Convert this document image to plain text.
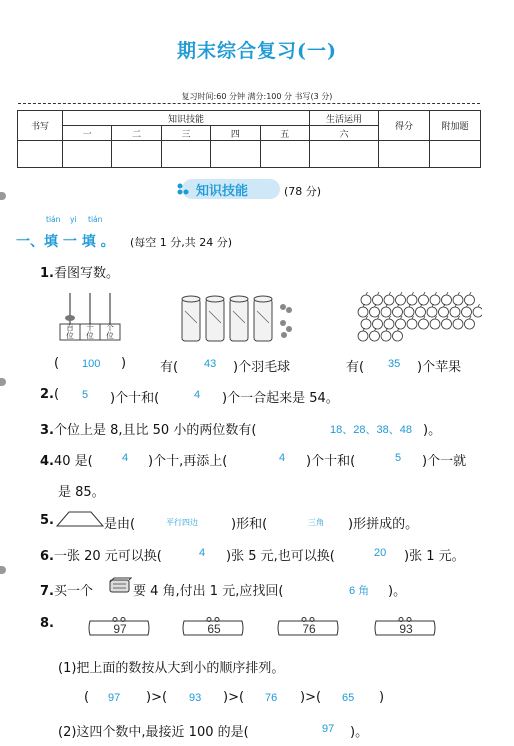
期末综合复习(一)
复习时间:60 分钟 满分:100 分 书写(3 分)
书写	知识技能					生活运用	得分	附加题
	一	二	三	四	五	六		

知识技能	(78 分)
tián yi tián
一、填 一 填 。 (每空 1 分,共 24 分)
1.看图写数。
百位
十位
个位
( 100 )	有( 43 )个羽毛球	有( 35 )个苹果
2.( 5 )个十和(	4 )个一合起来是 54。
3.个位上是 8,且比 50 小的两位数有(	18、28、38、48 )。
4.40 是(	4 )个十,再添上(	4 )个十和(	5 )个一就
是 85。
5.	是由(	平行四边	)形和(	三角 )形拼成的。
6.一张 20 元可以换(	4 )张 5 元,也可以换(	20 )张 1 元。
7.买一个	要 4 角,付出 1 元,应找回(	6 角 )。
8.	97	65	76	93
(1)把上面的数按从大到小的顺序排列。
( 97 )>( 93 )>( 76 )>( 65 )
(2)这四个数中,最接近 100 的是(	97 )。
